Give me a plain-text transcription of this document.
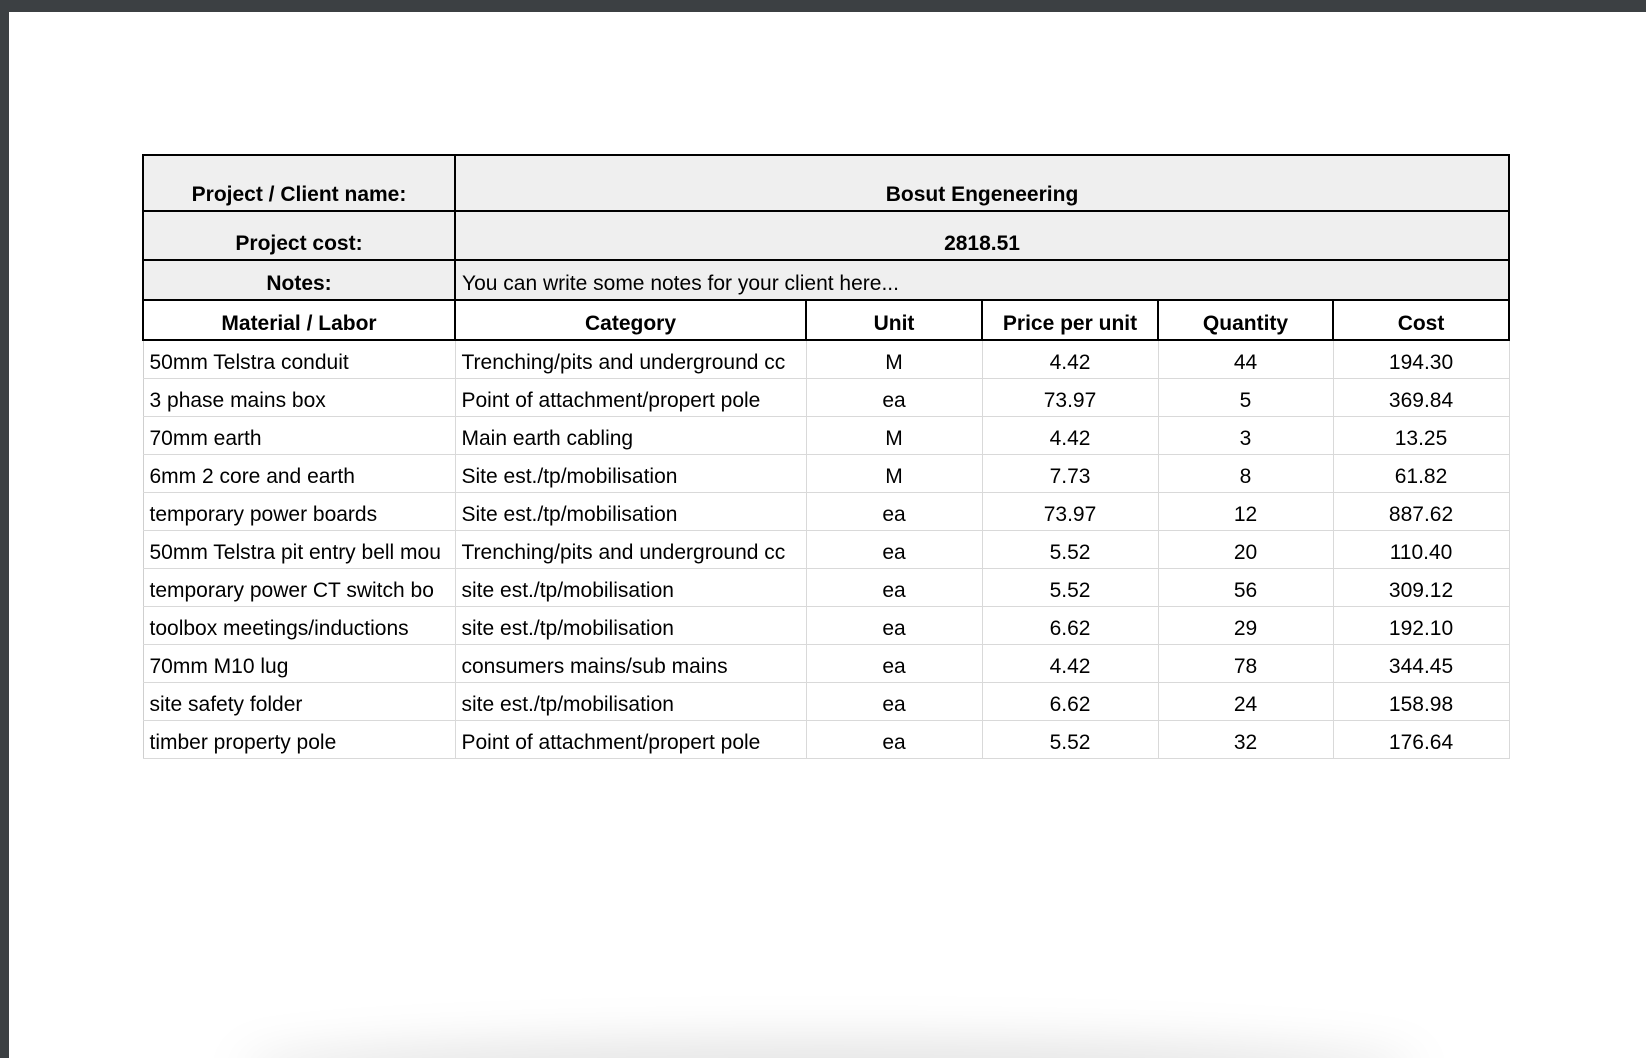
Project / Client name:	Bosut Engeneering				
Project cost:	2818.51				
Notes:	You can write some notes for your client here...				
Material / Labor	Category	Unit	Price per unit	Quantity	Cost
50mm Telstra conduit	Trenching/pits and underground cc	M	4.42	44	194.30
3 phase mains box	Point of attachment/propert pole	ea	73.97	5	369.84
70mm earth	Main earth cabling	M	4.42	3	13.25
6mm 2 core and earth	Site est./tp/mobilisation	M	7.73	8	61.82
temporary power boards	Site est./tp/mobilisation	ea	73.97	12	887.62
50mm Telstra pit entry bell mou	Trenching/pits and underground cc	ea	5.52	20	110.40
temporary power CT switch bo	site est./tp/mobilisation	ea	5.52	56	309.12
toolbox meetings/inductions	site est./tp/mobilisation	ea	6.62	29	192.10
70mm M10 lug	consumers mains/sub mains	ea	4.42	78	344.45
site safety folder	site est./tp/mobilisation	ea	6.62	24	158.98
timber property pole	Point of attachment/propert pole	ea	5.52	32	176.64
